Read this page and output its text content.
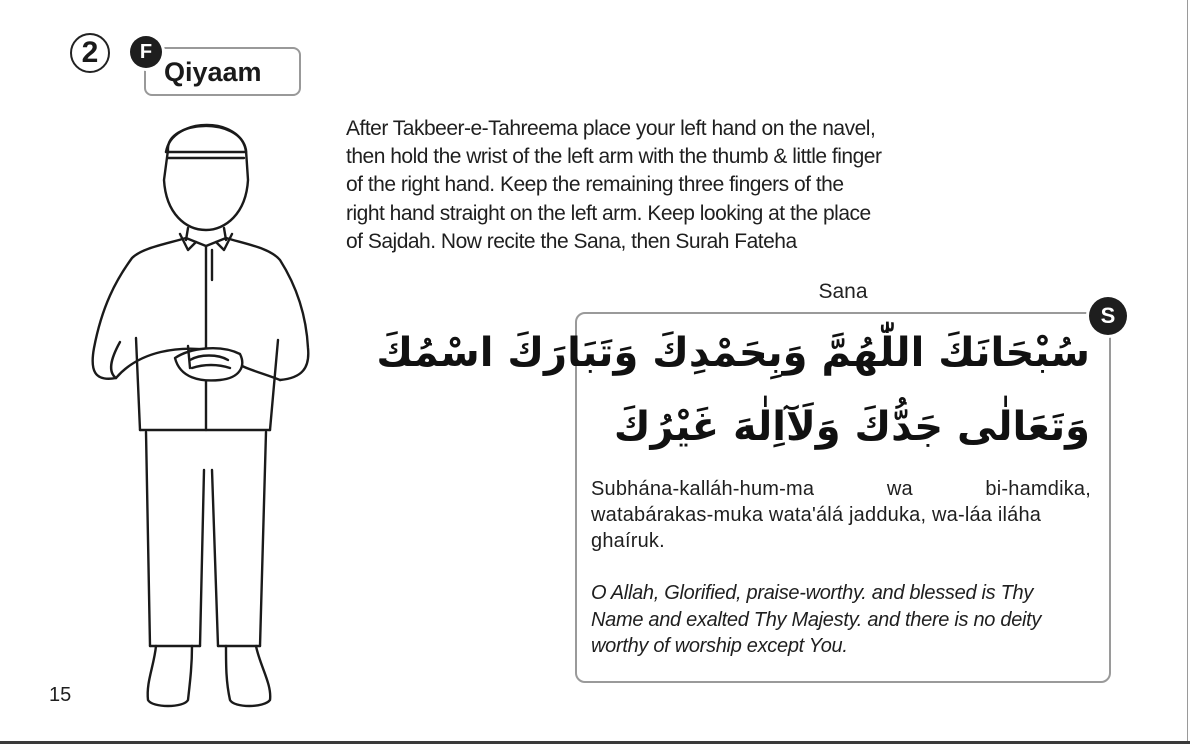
2
Qiyaam
F
After Takbeer-e-Tahreema place your left hand on the navel,
then hold the wrist of the left arm with the thumb & little finger
of the right hand. Keep the remaining three fingers of the
right hand straight on the left arm. Keep looking at the place
of Sajdah. Now recite the Sana, then Surah Fateha
Sana
S
سُبْحَانَكَ اللّٰهُمَّ وَبِحَمْدِكَ وَتَبَارَكَ اسْمُكَ
وَتَعَالٰى جَدُّكَ وَلَآاِلٰهَ غَيْرُكَ
Subhána-kalláh-hum-ma wa bi-hamdika,
watabárakas-muka wata'álá jadduka, wa-láa iláha
ghaíruk.
O Allah, Glorified, praise-worthy. and blessed is Thy
Name and exalted Thy Majesty. and there is no deity
worthy of worship except You.
15
